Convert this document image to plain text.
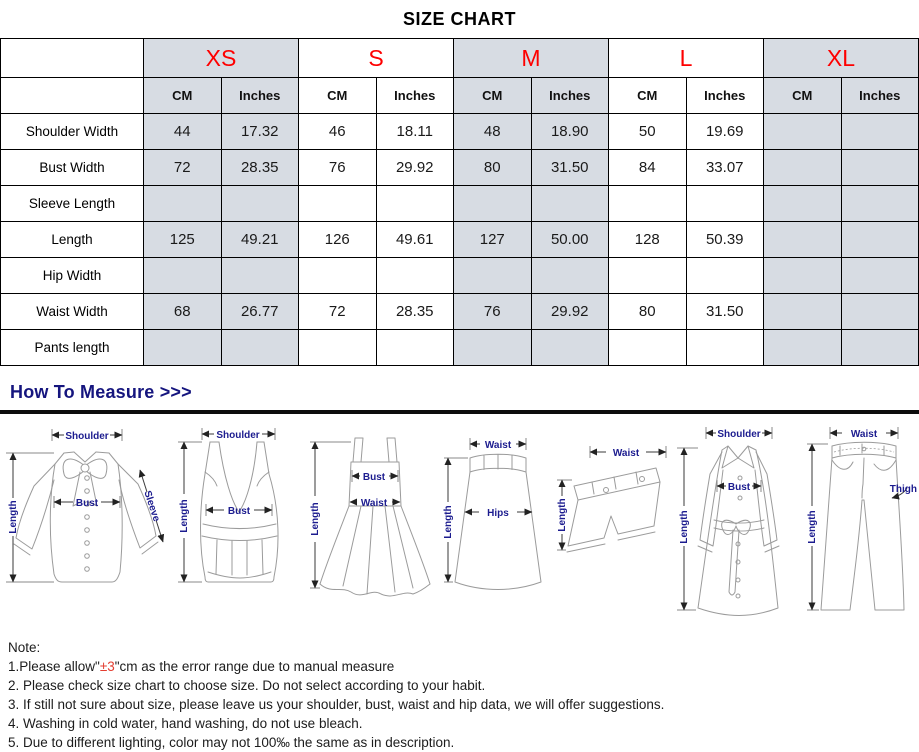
SIZE CHART
	XS		S		M		L		XL	
	CM	Inches	CM	Inches	CM	Inches	CM	Inches	CM	Inches
Shoulder Width	44	17.32	46	18.11	48	18.90	50	19.69		
Bust Width	72	28.35	76	29.92	80	31.50	84	33.07		
Sleeve Length										
Length	125	49.21	126	49.61	127	50.00	128	50.39		
Hip Width										
Waist Width	68	26.77	72	28.35	76	29.92	80	31.50		
Pants length										
How To Measure >>>
Shoulder
Bust	Sleeve
Length
Shoulder
Bust
Length
Bust
Waist
Length
Waist
Hips
Length
Waist
Length
Shoulder
Bust
Length
Waist
Thigh
Length
Note:
1.Please allow"±3"cm as the error range due to manual measure
2. Please check size chart to choose size. Do not select according to your habit.
3. If still not sure about size, please leave us your shoulder, bust, waist and hip data, we will offer suggestions.
4. Washing in cold water, hand washing, do not use bleach.
5. Due to different lighting, color may not 100‰ the same as in description.
